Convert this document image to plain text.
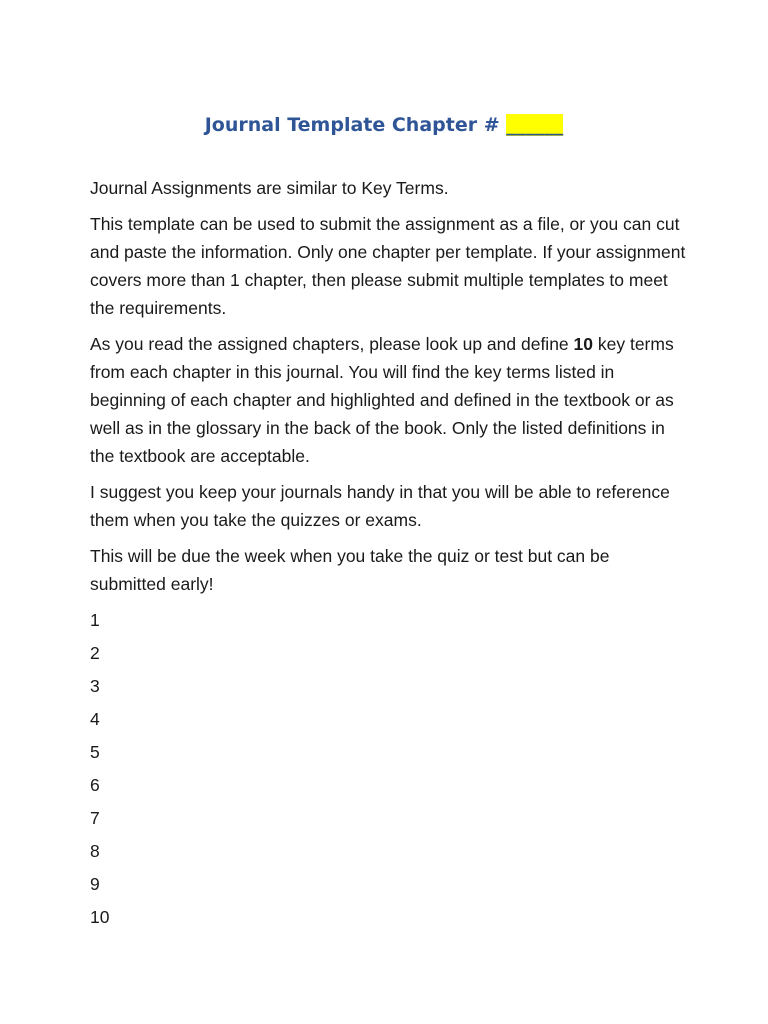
Journal Template Chapter # ______

Journal Assignments are similar to Key Terms.

This template can be used to submit the assignment as a file, or you can cut and paste the information. Only one chapter per template. If your assignment covers more than 1 chapter, then please submit multiple templates to meet the requirements.

As you read the assigned chapters, please look up and define 10 key terms from each chapter in this journal. You will find the key terms listed in beginning of each chapter and highlighted and defined in the textbook or as well as in the glossary in the back of the book. Only the listed definitions in the textbook are acceptable.

I suggest you keep your journals handy in that you will be able to reference them when you take the quizzes or exams.

This will be due the week when you take the quiz or test but can be submitted early!

1
2
3
4
5
6
7
8
9
10
